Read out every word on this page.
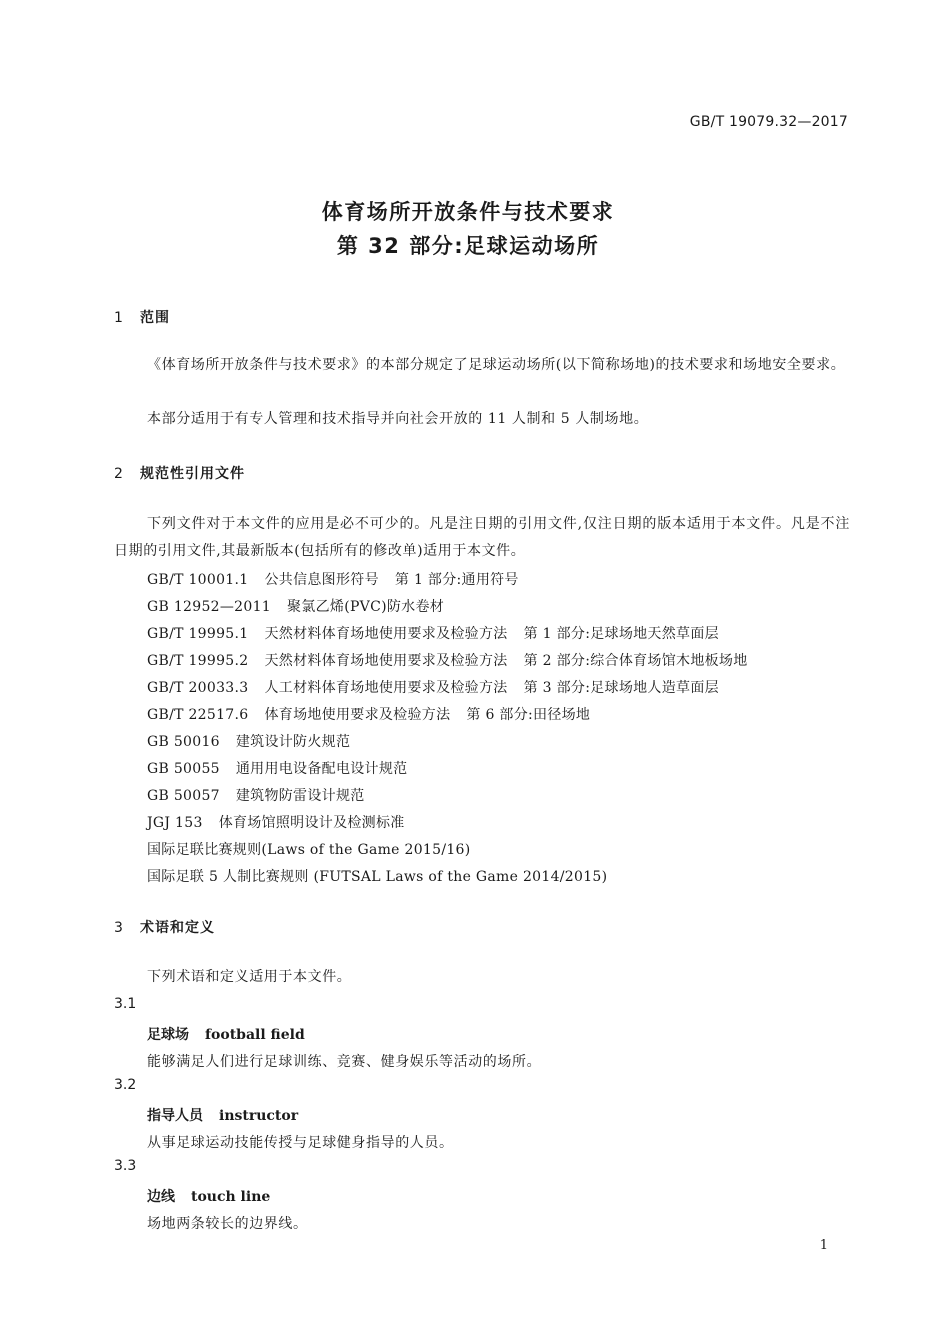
GB/T 19079.32—2017
体育场所开放条件与技术要求
第 32 部分:足球运动场所
1 范围
《体育场所开放条件与技术要求》的本部分规定了足球运动场所(以下简称场地)的技术要求和场地安全要求。
本部分适用于有专人管理和技术指导并向社会开放的 11 人制和 5 人制场地。
2 规范性引用文件
下列文件对于本文件的应用是必不可少的。凡是注日期的引用文件,仅注日期的版本适用于本文件。凡是不注日期的引用文件,其最新版本(包括所有的修改单)适用于本文件。
GB/T 10001.1 公共信息图形符号 第 1 部分:通用符号
GB 12952—2011 聚氯乙烯(PVC)防水卷材
GB/T 19995.1 天然材料体育场地使用要求及检验方法 第 1 部分:足球场地天然草面层
GB/T 19995.2 天然材料体育场地使用要求及检验方法 第 2 部分:综合体育场馆木地板场地
GB/T 20033.3 人工材料体育场地使用要求及检验方法 第 3 部分:足球场地人造草面层
GB/T 22517.6 体育场地使用要求及检验方法 第 6 部分:田径场地
GB 50016 建筑设计防火规范
GB 50055 通用用电设备配电设计规范
GB 50057 建筑物防雷设计规范
JGJ 153 体育场馆照明设计及检测标准
国际足联比赛规则(Laws of the Game 2015/16)
国际足联 5 人制比赛规则 (FUTSAL Laws of the Game 2014/2015)
3 术语和定义
下列术语和定义适用于本文件。
3.1
足球场 football field
能够满足人们进行足球训练、竞赛、健身娱乐等活动的场所。
3.2
指导人员 instructor
从事足球运动技能传授与足球健身指导的人员。
3.3
边线 touch line
场地两条较长的边界线。
1
